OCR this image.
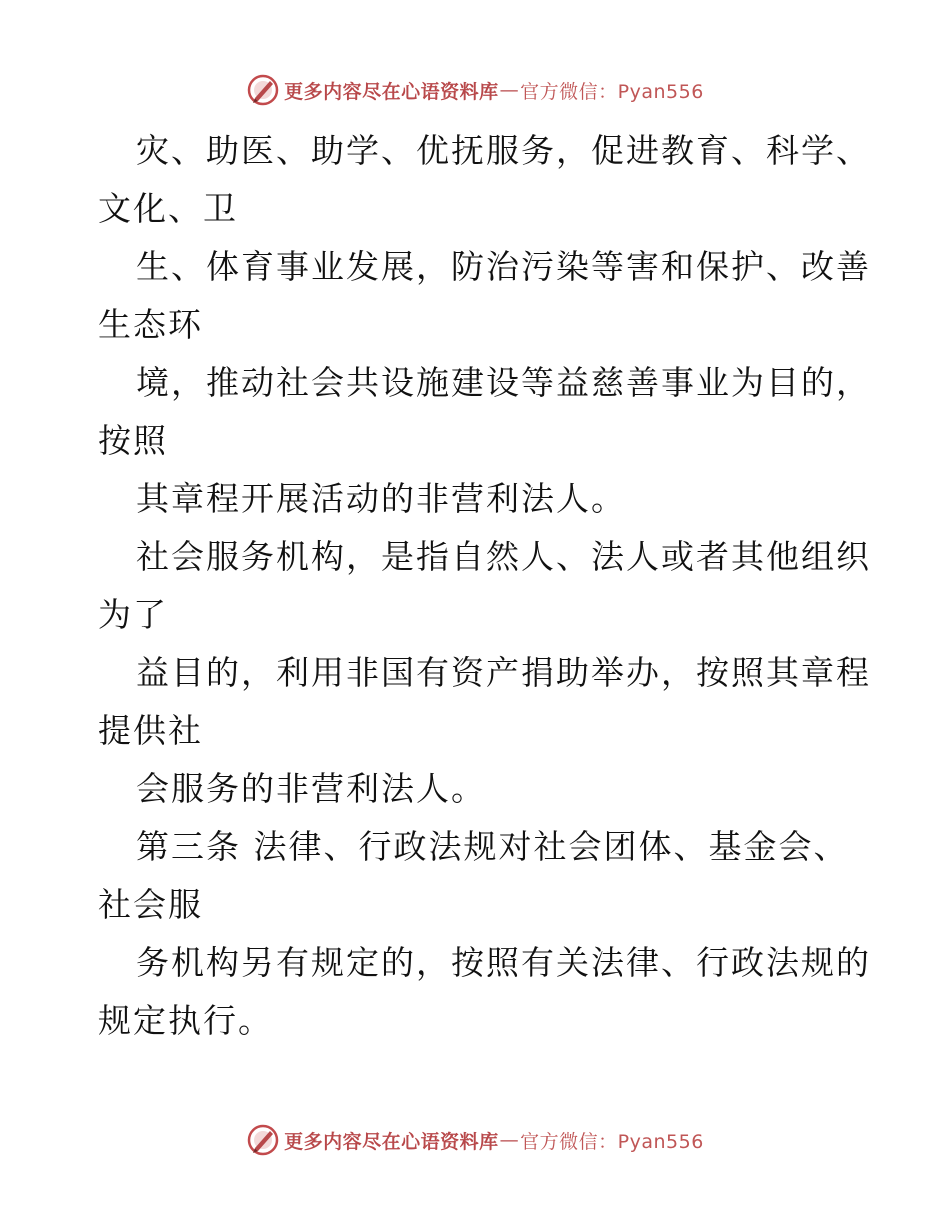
更多内容尽在心语资料库 — 官方微信：Pyan556
灾、助医、助学、优抚服务，促进教育、科学、
文化、卫
生、体育事业发展，防治污染等害和保护、改善
生态环
境，推动社会共设施建设等益慈善事业为目的，
按照
其章程开展活动的非营利法人。
社会服务机构，是指自然人、法人或者其他组织
为了
益目的，利用非国有资产捐助举办，按照其章程
提供社
会服务的非营利法人。
第三条 法律、行政法规对社会团体、基金会、
社会服
务机构另有规定的，按照有关法律、行政法规的
规定执行。
更多内容尽在心语资料库 — 官方微信：Pyan556
